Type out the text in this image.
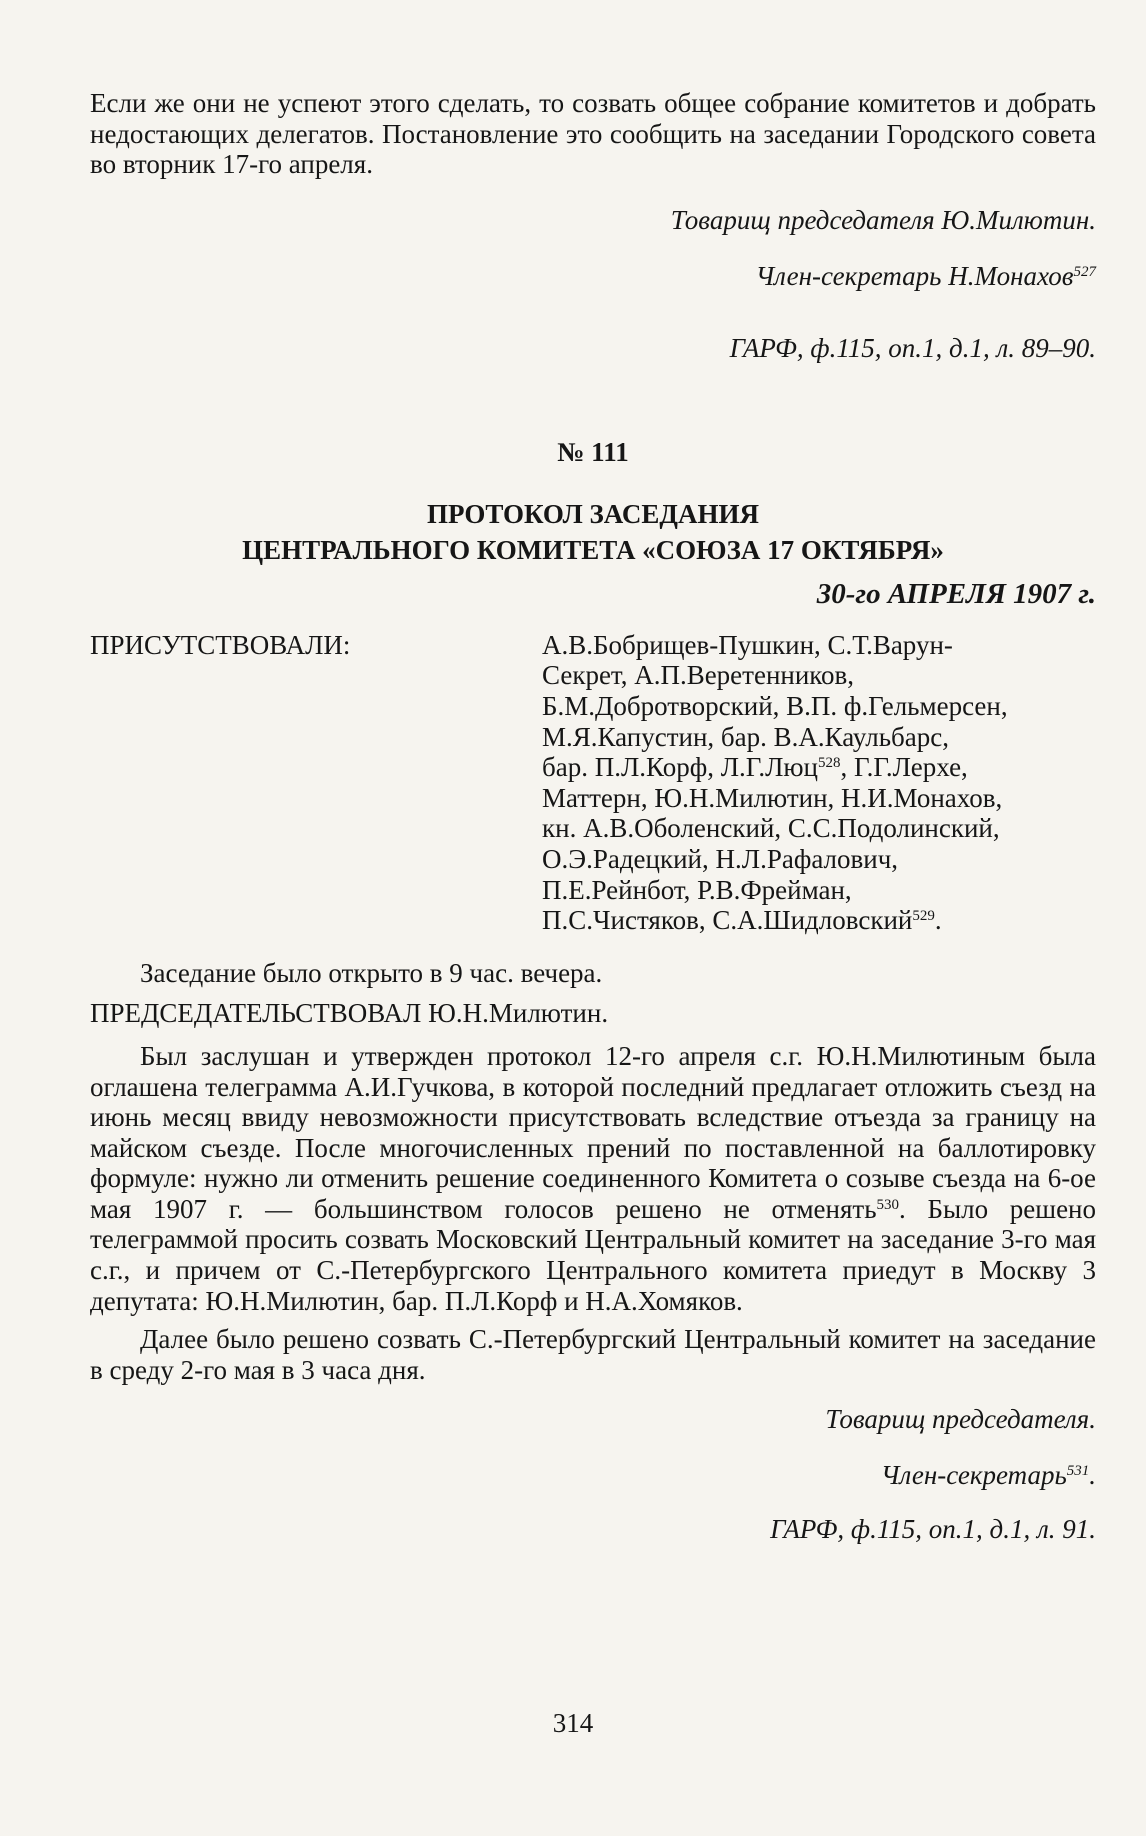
Если же они не успеют этого сделать, то созвать общее собрание комитетов и добрать недостающих делегатов. Постановление это сообщить на заседании Городского совета во вторник 17-го апреля.

Товарищ председателя Ю.Милютин.

Член-секретарь Н.Монахов$^{527}$

ГАРФ, ф.115, оп.1, д.1, л. 89–90.

№ 111

ПРОТОКОЛ ЗАСЕДАНИЯ

ЦЕНТРАЛЬНОГО КОМИТЕТА «СОЮЗА 17 ОКТЯБРЯ»

30-го АПРЕЛЯ 1907 г.

ПРИСУТСТВОВАЛИ:	А.В.Бобрищев-Пушкин, С.Т.Варун-
Секрет, А.П.Веретенников,
Б.М.Добротворский, В.П. ф.Гельмерсен,
М.Я.Капустин, бар. В.А.Каульбарс,
бар. П.Л.Корф, Л.Г.Люц$^{528}$, Г.Г.Лерхе,
Маттерн, Ю.Н.Милютин, Н.И.Монахов,
кн. А.В.Оболенский, С.С.Подолинский,
О.Э.Радецкий, Н.Л.Рафалович,
П.Е.Рейнбот, Р.В.Фрейман,
П.С.Чистяков, С.А.Шидловский$^{529}$.

Заседание было открыто в 9 час. вечера.

ПРЕДСЕДАТЕЛЬСТВОВАЛ Ю.Н.Милютин.

Был заслушан и утвержден протокол 12-го апреля с.г. Ю.Н.Милютиным была оглашена телеграмма А.И.Гучкова, в которой последний предлагает отложить съезд на июнь месяц ввиду невозможности присутствовать вследствие отъезда за границу на майском съезде. После многочисленных прений по поставленной на баллотировку формуле: нужно ли отменить решение соединенного Комитета о созыве съезда на 6-ое мая 1907 г. — большинством голосов решено не отменять$^{530}$. Было решено телеграммой просить созвать Московский Центральный комитет на заседание 3-го мая с.г., и причем от С.-Петербургского Центрального комитета приедут в Москву 3 депутата: Ю.Н.Милютин, бар. П.Л.Корф и Н.А.Хомяков.

Далее было решено созвать С.-Петербургский Центральный комитет на заседание в среду 2-го мая в 3 часа дня.

Товарищ председателя.

Член-секретарь$^{531}$.

ГАРФ, ф.115, оп.1, д.1, л. 91.

314
